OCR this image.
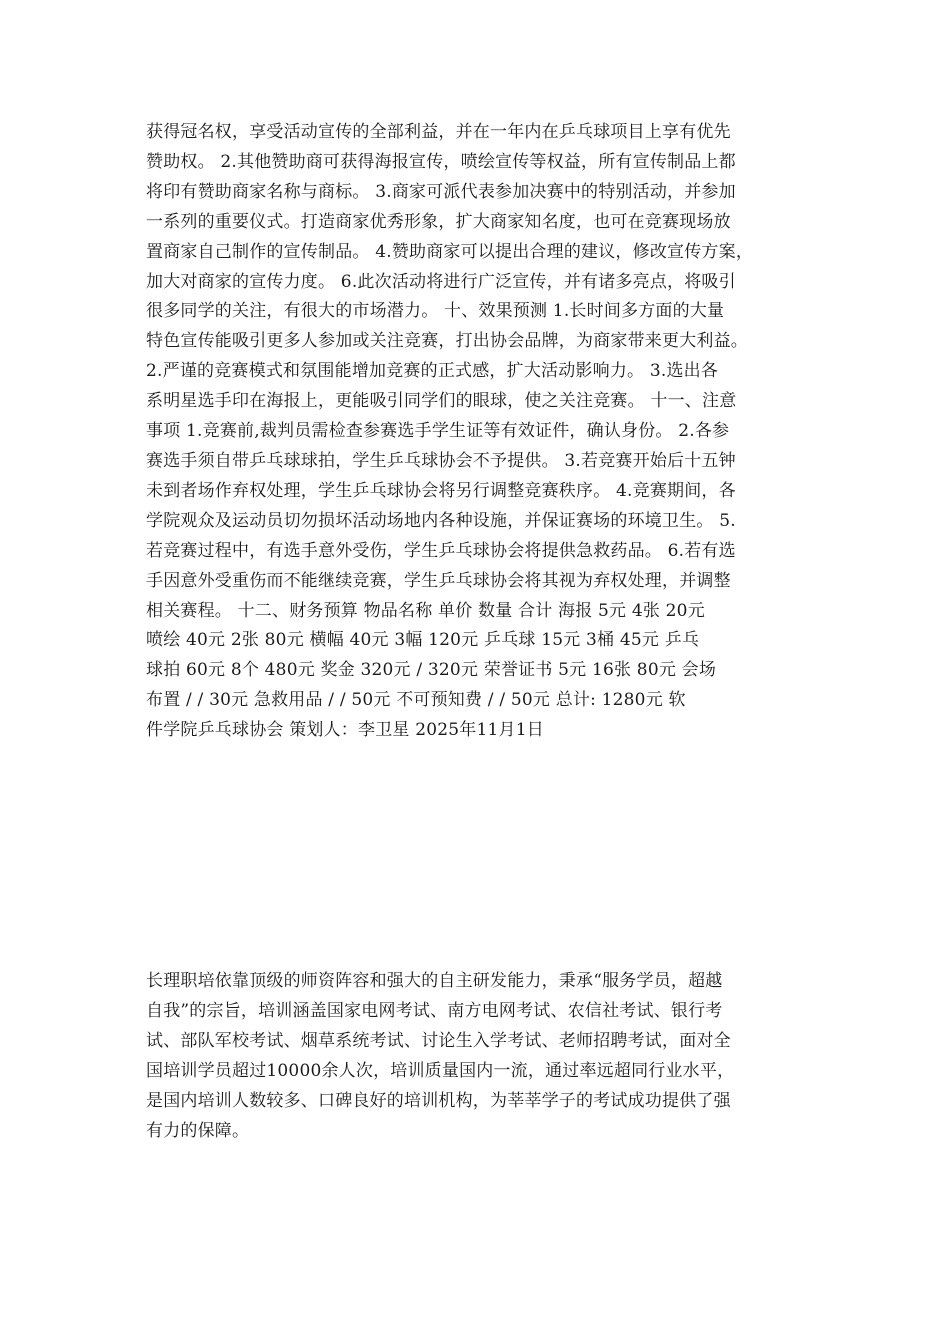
获得冠名权，享受活动宣传的全部利益，并在一年内在乒乓球项目上享有优先
赞助权。 2.其他赞助商可获得海报宣传，喷绘宣传等权益，所有宣传制品上都
将印有赞助商家名称与商标。 3.商家可派代表参加决赛中的特别活动，并参加
一系列的重要仪式。打造商家优秀形象，扩大商家知名度，也可在竞赛现场放
置商家自己制作的宣传制品。 4.赞助商家可以提出合理的建议，修改宣传方案，
加大对商家的宣传力度。 6.此次活动将进行广泛宣传，并有诸多亮点，将吸引
很多同学的关注，有很大的市场潜力。 十、效果预测 1.长时间多方面的大量
特色宣传能吸引更多人参加或关注竞赛，打出协会品牌，为商家带来更大利益。
2.严谨的竞赛模式和氛围能增加竞赛的正式感，扩大活动影响力。 3.选出各
系明星选手印在海报上，更能吸引同学们的眼球，使之关注竞赛。 十一、注意
事项 1.竞赛前,裁判员需检查参赛选手学生证等有效证件，确认身份。 2.各参
赛选手须自带乒乓球球拍，学生乒乓球协会不予提供。 3.若竞赛开始后十五钟
未到者场作弃权处理，学生乒乓球协会将另行调整竞赛秩序。 4.竞赛期间，各
学院观众及运动员切勿损坏活动场地内各种设施，并保证赛场的环境卫生。 5.
若竞赛过程中，有选手意外受伤，学生乒乓球协会将提供急救药品。 6.若有选
手因意外受重伤而不能继续竞赛，学生乒乓球协会将其视为弃权处理，并调整
相关赛程。 十二、财务预算 物品名称 单价 数量 合计 海报 5元 4张 20元
喷绘 40元 2张 80元 横幅 40元 3幅 120元 乒乓球 15元 3桶 45元 乒乓
球拍 60元 8个 480元 奖金 320元 / 320元 荣誉证书 5元 16张 80元 会场
布置 / / 30元 急救用品 / / 50元 不可预知费 / / 50元 总计: 1280元 软
件学院乒乓球协会 策划人：李卫星 2025年11月1日

长理职培依靠顶级的师资阵容和强大的自主研发能力，秉承“服务学员，超越
自我”的宗旨，培训涵盖国家电网考试、南方电网考试、农信社考试、银行考
试、部队军校考试、烟草系统考试、讨论生入学考试、老师招聘考试，面对全
国培训学员超过10000余人次，培训质量国内一流，通过率远超同行业水平，
是国内培训人数较多、口碑良好的培训机构，为莘莘学子的考试成功提供了强
有力的保障。
